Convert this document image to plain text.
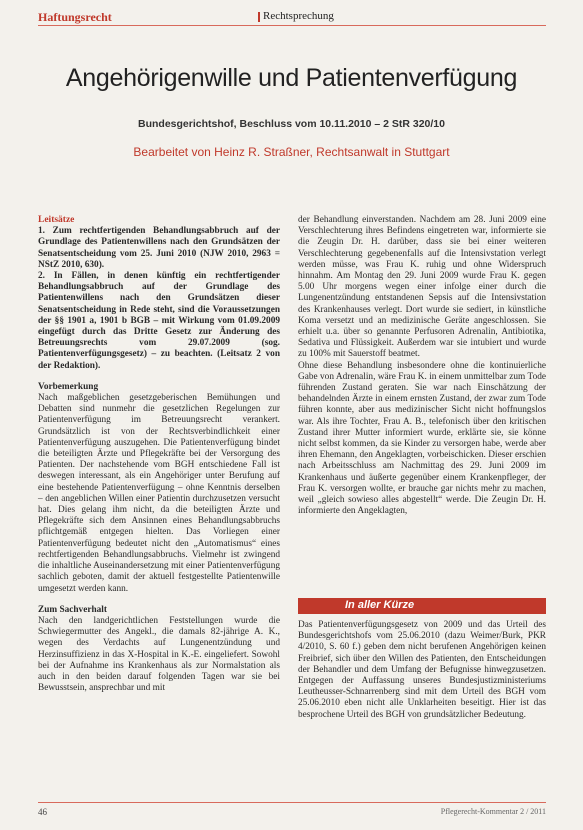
Haftungsrecht	Rechtsprechung
Angehörigenwille und Patientenverfügung
Bundesgerichtshof, Beschluss vom 10.11.2010 – 2 StR 320/10
Bearbeitet von Heinz R. Straßner, Rechtsanwalt in Stuttgart

Leitsätze

1. Zum rechtfertigenden Behandlungsabbruch auf der Grundlage des Patientenwillens nach den Grundsätzen der Senatsentscheidung vom 25. Juni 2010 (NJW 2010, 2963 = NStZ 2010, 630).

2. In Fällen, in denen künftig ein rechtfertigender Behandlungsabbruch auf der Grundlage des Patientenwillens nach den Grundsätzen dieser Senatsentscheidung in Rede steht, sind die Voraussetzungen der §§ 1901 a, 1901 b BGB – mit Wirkung vom 01.09.2009 eingefügt durch das Dritte Gesetz zur Änderung des Betreuungsrechts vom 29.07.2009 (sog. Patientenverfügungsgesetz) – zu beachten. (Leitsatz 2 von der Redaktion).

Vorbemerkung

Nach maßgeblichen gesetzgeberischen Bemühungen und Debatten sind nunmehr die gesetzlichen Regelungen zur Patientenverfügung im Betreuungsrecht verankert. Grundsätzlich ist von der Rechtsverbindlichkeit einer Patientenverfügung auszugehen. Die Patientenverfügung bindet die beteiligten Ärzte und Pflegekräfte bei der Versorgung des Patienten. Der nachstehende vom BGH entschiedene Fall ist deswegen interessant, als ein Angehöriger unter Berufung auf eine bestehende Patientenverfügung – ohne Kenntnis derselben – den angeblichen Willen einer Patientin durchzusetzen versucht hat. Dies gelang ihm nicht, da die beteiligten Ärzte und Pflegekräfte sich dem Ansinnen eines Behandlungsabbruchs pflichtgemäß entgegen hielten. Das Vorliegen einer Patientenverfügung bedeutet nicht den „Automatismus“ eines rechtfertigenden Behandlungsabbruchs. Vielmehr ist zwingend die inhaltliche Auseinandersetzung mit einer Patientenverfügung sachlich geboten, damit der aktuell festgestellte Patientenwille umgesetzt werden kann.

Zum Sachverhalt

Nach den landgerichtlichen Feststellungen wurde die Schwiegermutter des Angekl., die damals 82-jährige A. K., wegen des Verdachts auf Lungenentzündung und Herzinsuffizienz in das X-Hospital in K.-E. eingeliefert. Sowohl bei der Aufnahme ins Krankenhaus als zur Normalstation als auch in den beiden darauf folgenden Tagen war sie bei Bewusstsein, ansprechbar und mit

der Behandlung einverstanden. Nachdem am 28. Juni 2009 eine Verschlechterung ihres Befindens eingetreten war, informierte sie die Zeugin Dr. H. darüber, dass sie bei einer weiteren Verschlechterung gegebenenfalls auf die Intensivstation verlegt werden müsse, was Frau K. ruhig und ohne Widerspruch hinnahm. Am Montag den 29. Juni 2009 wurde Frau K. gegen 5.00 Uhr morgens wegen einer infolge einer durch die Lungenentzündung entstandenen Sepsis auf die Intensivstation des Krankenhauses verlegt. Dort wurde sie sediert, in künstliche Koma versetzt und an medizinische Geräte angeschlossen. Sie erhielt u.a. über so genannte Perfusoren Adrenalin, Antibiotika, Sedativa und Flüssigkeit. Außerdem war sie intubiert und wurde zu 100% mit Sauerstoff beatmet.

Ohne diese Behandlung insbesondere ohne die kontinuierliche Gabe von Adrenalin, wäre Frau K. in einem unmittelbar zum Tode führenden Zustand geraten. Sie war nach Einschätzung der behandelnden Ärzte in einem ernsten Zustand, der zwar zum Tode führen konnte, aber aus medizinischer Sicht nicht hoffnungslos war. Als ihre Tochter, Frau A. B., telefonisch über den kritischen Zustand ihrer Mutter informiert wurde, erklärte sie, sie könne nicht selbst kommen, da sie Kinder zu versorgen habe, werde aber ihren Ehemann, den Angeklagten, vorbeischicken. Dieser erschien nach Arbeitsschluss am Nachmittag des 29. Juni 2009 im Krankenhaus und äußerte gegenüber einem Krankenpfleger, der Frau K. versorgen wollte, er brauche gar nichts mehr zu machen, weil „gleich sowieso alles abgestellt“ werde. Die Zeugin Dr. H. informierte den Angeklagten,

In aller Kürze
Das Patientenverfügungsgesetz von 2009 und das Urteil des Bundesgerichtshofs vom 25.06.2010 (dazu Weimer/Burk, PKR 4/2010, S. 60 f.) geben dem nicht berufenen Angehörigen keinen Freibrief, sich über den Willen des Patienten, den Entscheidungen der Behandler und dem Umfang der Befugnisse hinwegzusetzen. Entgegen der Auffassung unseres Bundesjustizministeriums Leutheusser-Schnarrenberg sind mit dem Urteil des BGH vom 25.06.2010 eben nicht alle Unklarheiten beseitigt. Hier ist das besprochene Urteil des BGH von grundsätzlicher Bedeutung.
46	Pflegerecht-Kommentar 2 / 2011
